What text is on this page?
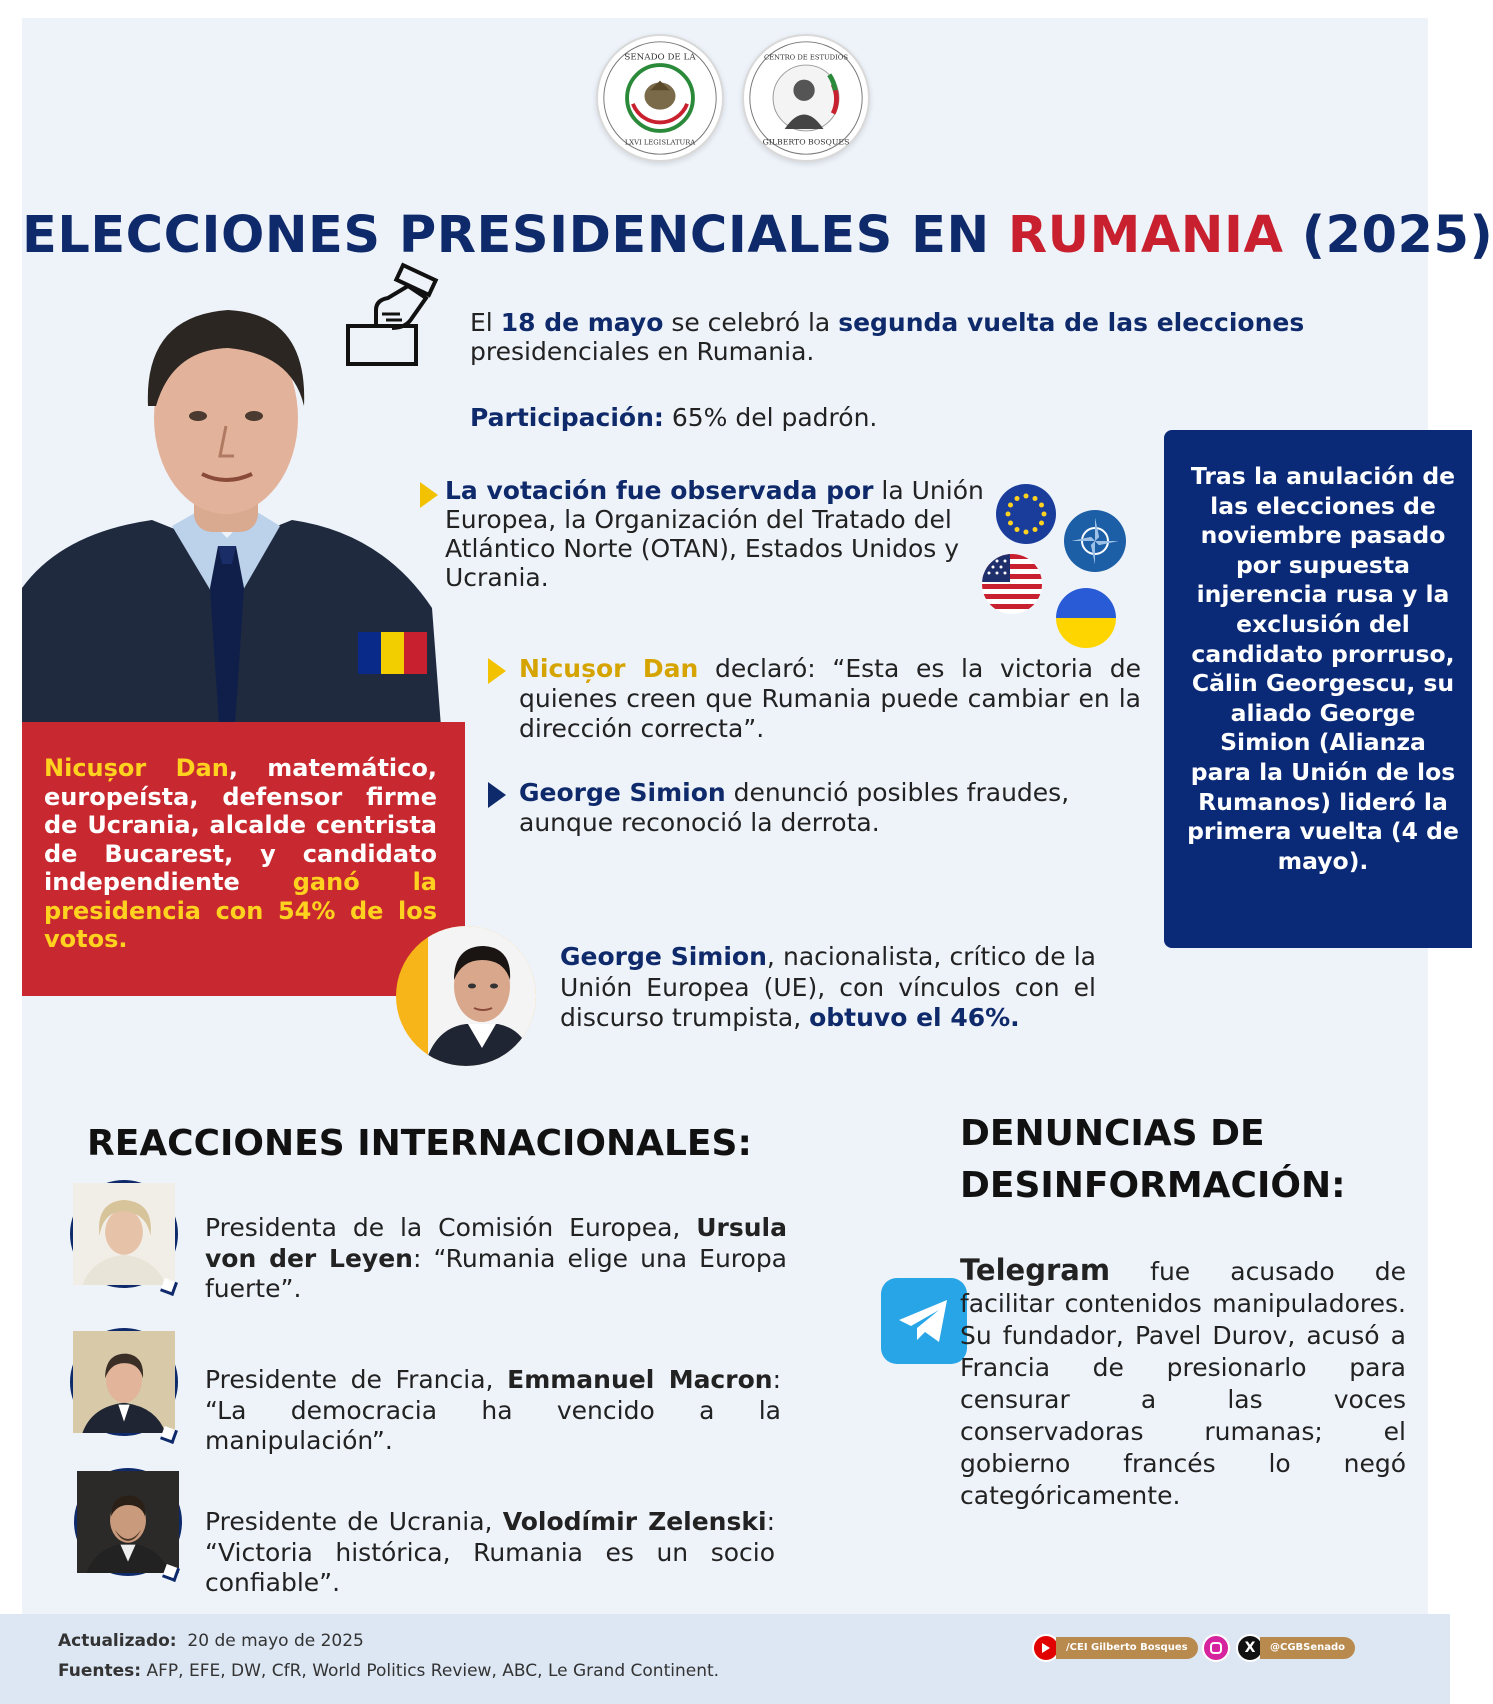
SENADO DE LA
LXVI LEGISLATURA
CENTRO DE ESTUDIOS
GILBERTO BOSQUES
ELECCIONES PRESIDENCIALES EN RUMANIA (2025)
El 18 de mayo se celebró la segunda vuelta de las elecciones presidenciales en Rumania.
Participación: 65% del padrón.
La votación fue observada por la Unión Europea, la Organización del Tratado del Atlántico Norte (OTAN), Estados Unidos y Ucrania.
Nicușor Dan declaró: “Esta es la victoria de quienes creen que Rumania puede cambiar en la dirección correcta”.
George Simion denunció posibles fraudes, aunque reconoció la derrota.
Tras la anulación de las elecciones de noviembre pasado por supuesta injerencia rusa y la exclusión del candidato prorruso, Călin Georgescu, su aliado George Simion (Alianza para la Unión de los Rumanos) lideró la primera vuelta (4 de mayo).
Nicușor Dan, matemático, europeísta, defensor firme de Ucrania, alcalde centrista de Bucarest, y candidato independiente ganó la presidencia con 54% de los votos.
George Simion, nacionalista, crítico de la Unión Europea (UE), con vínculos con el discurso trumpista, obtuvo el 46%.
REACCIONES INTERNACIONALES:
Presidenta de la Comisión Europea, Ursula von der Leyen: “Rumania elige una Europa fuerte”.
Presidente de Francia, Emmanuel Macron: “La democracia ha vencido a la manipulación”.
Presidente de Ucrania, Volodímir Zelenski: “Victoria histórica, Rumania es un socio confiable”.
DENUNCIAS DE
DESINFORMACIÓN:
Telegram fue acusado de facilitar contenidos manipuladores. Su fundador, Pavel Durov, acusó a Francia de presionarlo para censurar a las voces conservadoras rumanas; el gobierno francés lo negó categóricamente.
Actualizado: 20 de mayo de 2025
Fuentes: AFP, EFE, DW, CfR, World Politics Review, ABC, Le Grand Continent.
/CEI Gilberto Bosques	X	@CGBSenado
